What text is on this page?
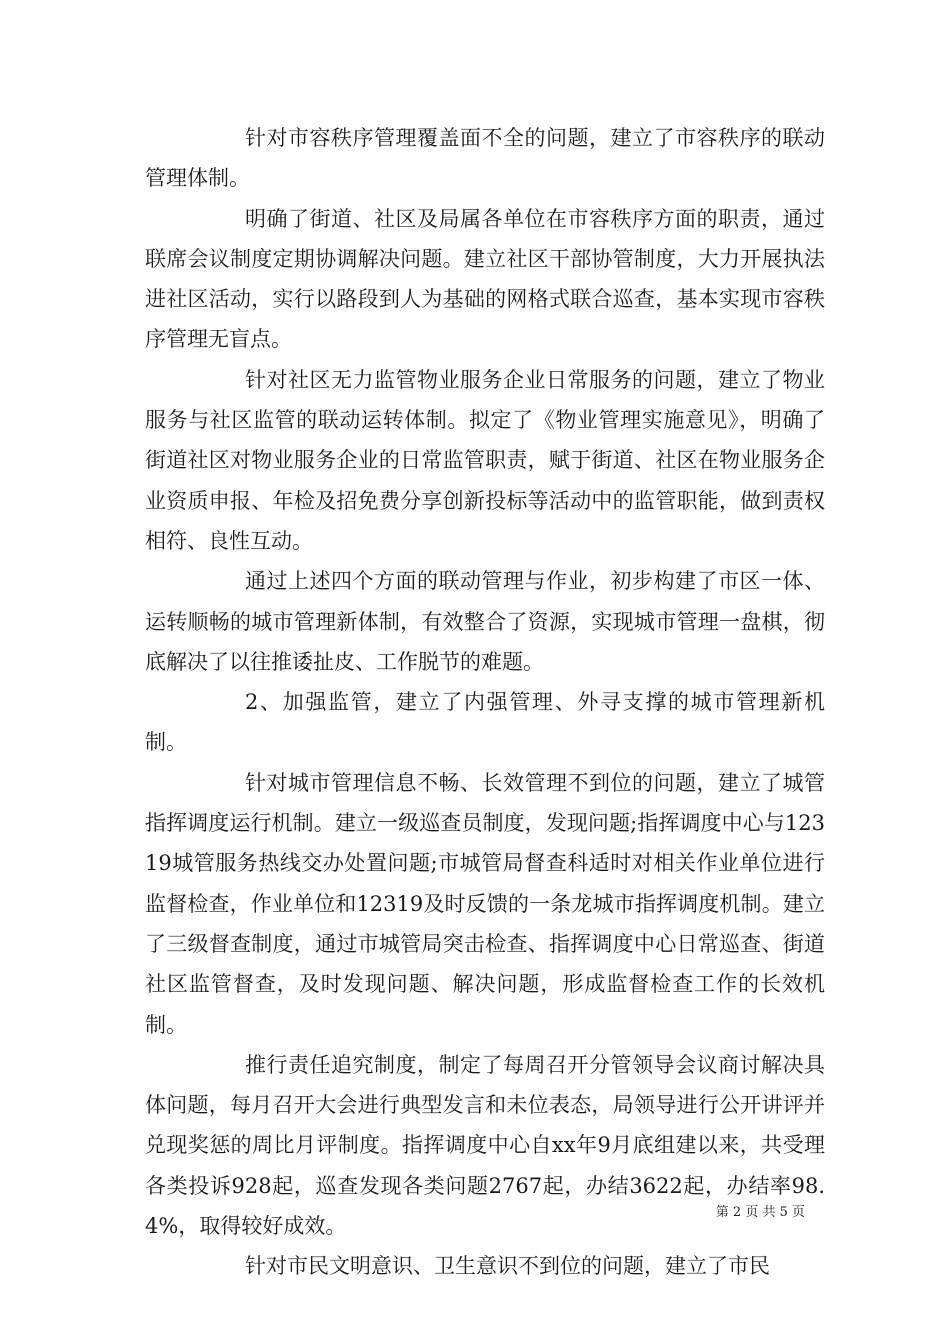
针对市容秩序管理覆盖面不全的问题，建立了市容秩序的联动管理体制。

明确了街道、社区及局属各单位在市容秩序方面的职责，通过联席会议制度定期协调解决问题。建立社区干部协管制度，大力开展执法进社区活动，实行以路段到人为基础的网格式联合巡查，基本实现市容秩序管理无盲点。

针对社区无力监管物业服务企业日常服务的问题，建立了物业服务与社区监管的联动运转体制。拟定了《物业管理实施意见》，明确了街道社区对物业服务企业的日常监管职责，赋于街道、社区在物业服务企业资质申报、年检及招免费分享创新投标等活动中的监管职能，做到责权相符、良性互动。

通过上述四个方面的联动管理与作业，初步构建了市区一体、运转顺畅的城市管理新体制，有效整合了资源，实现城市管理一盘棋，彻底解决了以往推诿扯皮、工作脱节的难题。

2、加强监管，建立了内强管理、外寻支撑的城市管理新机制。

针对城市管理信息不畅、长效管理不到位的问题，建立了城管指挥调度运行机制。建立一级巡查员制度，发现问题;指挥调度中心与12319城管服务热线交办处置问题;市城管局督查科适时对相关作业单位进行监督检查，作业单位和12319及时反馈的一条龙城市指挥调度机制。建立了三级督查制度，通过市城管局突击检查、指挥调度中心日常巡查、街道社区监管督查，及时发现问题、解决问题，形成监督检查工作的长效机制。

推行责任追究制度，制定了每周召开分管领导会议商讨解决具体问题，每月召开大会进行典型发言和未位表态，局领导进行公开讲评并兑现奖惩的周比月评制度。指挥调度中心自xx年9月底组建以来，共受理各类投诉928起，巡查发现各类问题2767起，办结3622起，办结率98.4%，取得较好成效。

针对市民文明意识、卫生意识不到位的问题，建立了市民

第 2 页 共 5 页
